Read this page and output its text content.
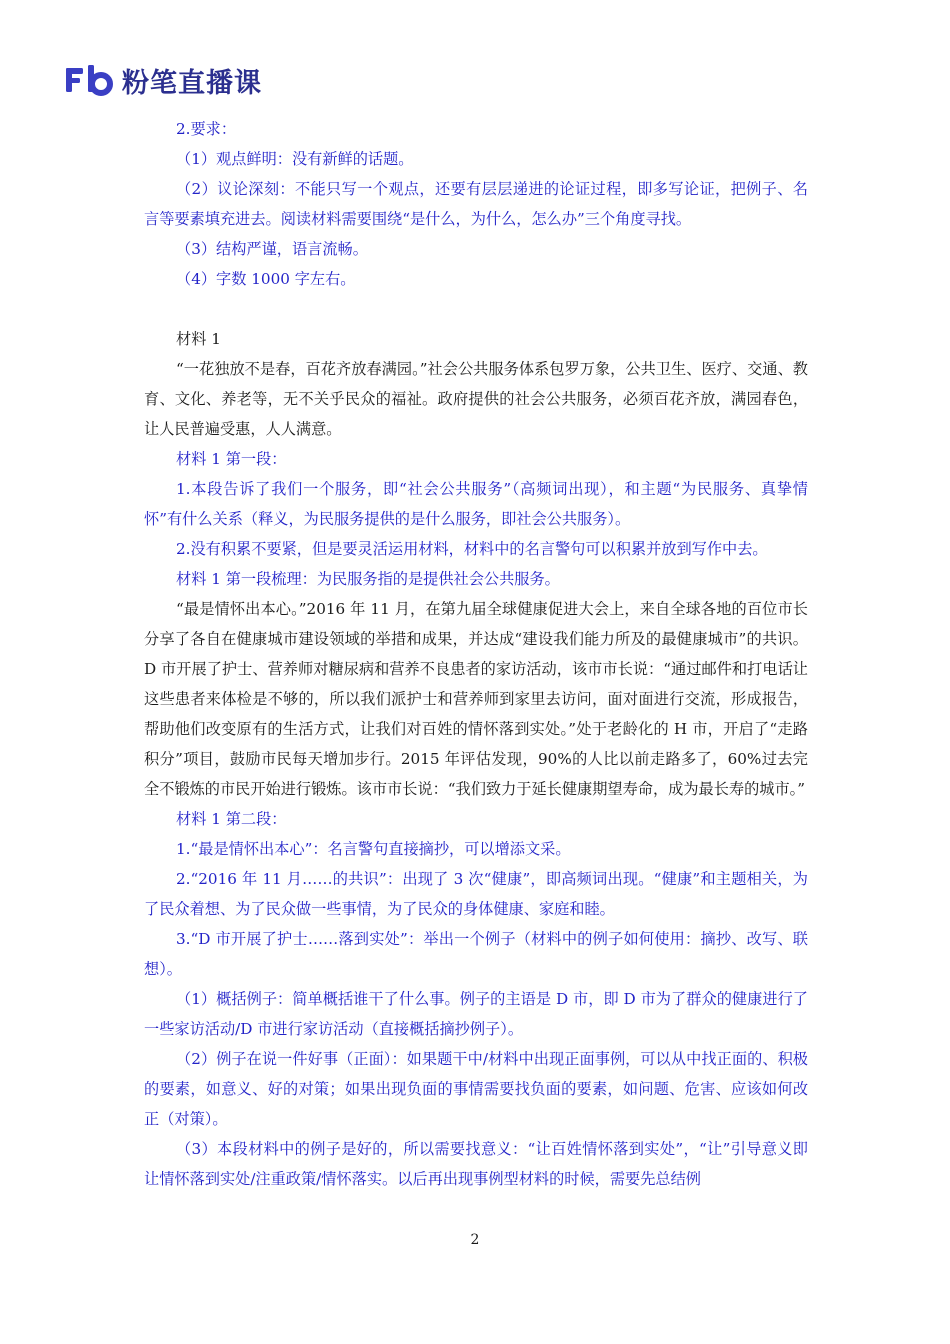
粉笔直播课

2.要求：

（1）观点鲜明：没有新鲜的话题。

（2）议论深刻：不能只写一个观点，还要有层层递进的论证过程，即多写论证，把例子、名言等要素填充进去。阅读材料需要围绕“是什么，为什么，怎么办”三个角度寻找。

（3）结构严谨，语言流畅。

（4）字数 1000 字左右。

材料 1

“一花独放不是春，百花齐放春满园。”社会公共服务体系包罗万象，公共卫生、医疗、交通、教育、文化、养老等，无不关乎民众的福祉。政府提供的社会公共服务，必须百花齐放，满园春色，让人民普遍受惠，人人满意。

材料 1 第一段：

1.本段告诉了我们一个服务，即“社会公共服务”（高频词出现），和主题“为民服务、真挚情怀”有什么关系（释义，为民服务提供的是什么服务，即社会公共服务）。

2.没有积累不要紧，但是要灵活运用材料，材料中的名言警句可以积累并放到写作中去。

材料 1 第一段梳理：为民服务指的是提供社会公共服务。

“最是情怀出本心。”2016 年 11 月，在第九届全球健康促进大会上，来自全球各地的百位市长分享了各自在健康城市建设领域的举措和成果，并达成“建设我们能力所及的最健康城市”的共识。D 市开展了护士、营养师对糖尿病和营养不良患者的家访活动，该市市长说：“通过邮件和打电话让这些患者来体检是不够的，所以我们派护士和营养师到家里去访问，面对面进行交流，形成报告，帮助他们改变原有的生活方式，让我们对百姓的情怀落到实处。”处于老龄化的 H 市，开启了“走路积分”项目，鼓励市民每天增加步行。2015 年评估发现，90%的人比以前走路多了，60%过去完全不锻炼的市民开始进行锻炼。该市市长说：“我们致力于延长健康期望寿命，成为最长寿的城市。”

材料 1 第二段：

1.“最是情怀出本心”：名言警句直接摘抄，可以增添文采。

2.“2016 年 11 月……的共识”：出现了 3 次“健康”，即高频词出现。“健康”和主题相关，为了民众着想、为了民众做一些事情，为了民众的身体健康、家庭和睦。

3.“D 市开展了护士……落到实处”：举出一个例子（材料中的例子如何使用：摘抄、改写、联想）。

（1）概括例子：简单概括谁干了什么事。例子的主语是 D 市，即 D 市为了群众的健康进行了一些家访活动/D 市进行家访活动（直接概括摘抄例子）。

（2）例子在说一件好事（正面）：如果题干中/材料中出现正面事例，可以从中找正面的、积极的要素，如意义、好的对策；如果出现负面的事情需要找负面的要素，如问题、危害、应该如何改正（对策）。

（3）本段材料中的例子是好的，所以需要找意义：“让百姓情怀落到实处”，“让”引导意义即让情怀落到实处/注重政策/情怀落实。以后再出现事例型材料的时候，需要先总结例

2
